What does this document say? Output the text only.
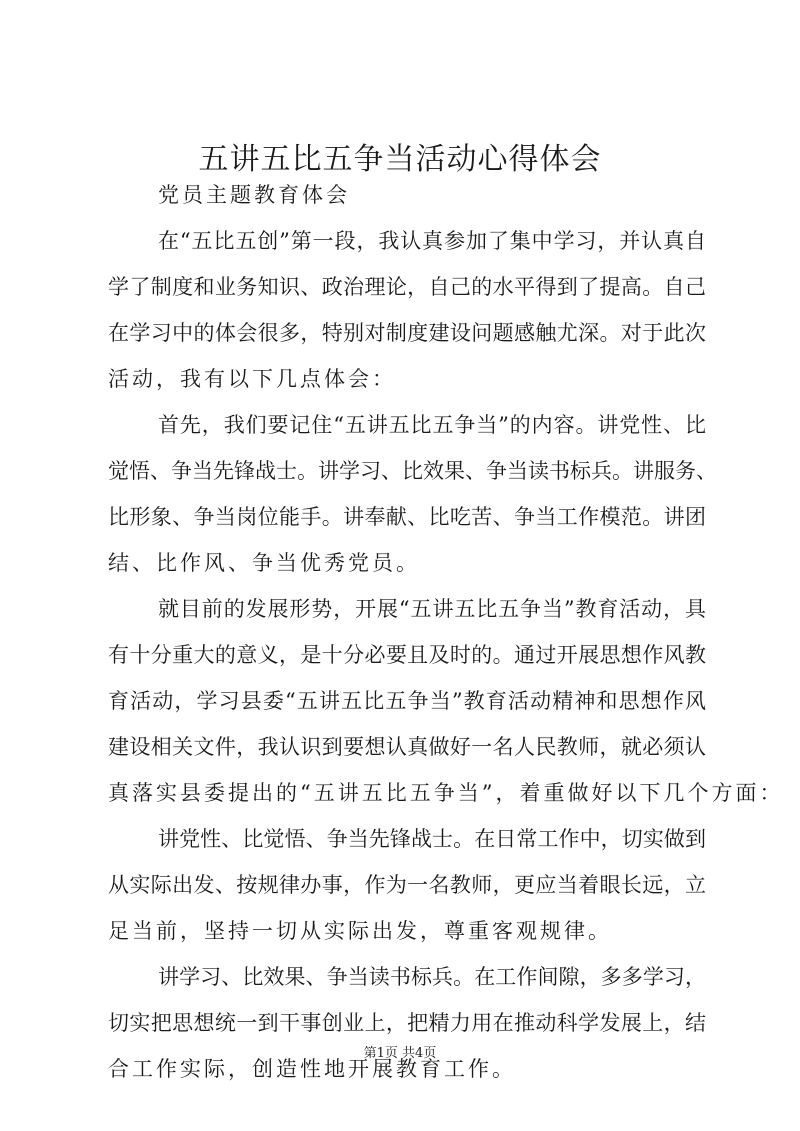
五讲五比五争当活动心得体会
党员主题教育体会
在“五比五创”第一段，我认真参加了集中学习，并认真自
学了制度和业务知识、政治理论，自己的水平得到了提高。自己
在学习中的体会很多，特别对制度建设问题感触尤深。对于此次
活动，我有以下几点体会：
首先，我们要记住“五讲五比五争当”的内容。讲党性、比
觉悟、争当先锋战士。讲学习、比效果、争当读书标兵。讲服务、
比形象、争当岗位能手。讲奉献、比吃苦、争当工作模范。讲团
结、比作风、争当优秀党员。
就目前的发展形势，开展“五讲五比五争当”教育活动，具
有十分重大的意义，是十分必要且及时的。通过开展思想作风教
育活动，学习县委“五讲五比五争当”教育活动精神和思想作风
建设相关文件，我认识到要想认真做好一名人民教师，就必须认
真落实县委提出的“五讲五比五争当”，着重做好以下几个方面：
讲党性、比觉悟、争当先锋战士。在日常工作中，切实做到
从实际出发、按规律办事，作为一名教师，更应当着眼长远，立
足当前，坚持一切从实际出发，尊重客观规律。
讲学习、比效果、争当读书标兵。在工作间隙，多多学习，
切实把思想统一到干事创业上，把精力用在推动科学发展上，结
合工作实际，创造性地开展教育工作。
第1页 共4页
